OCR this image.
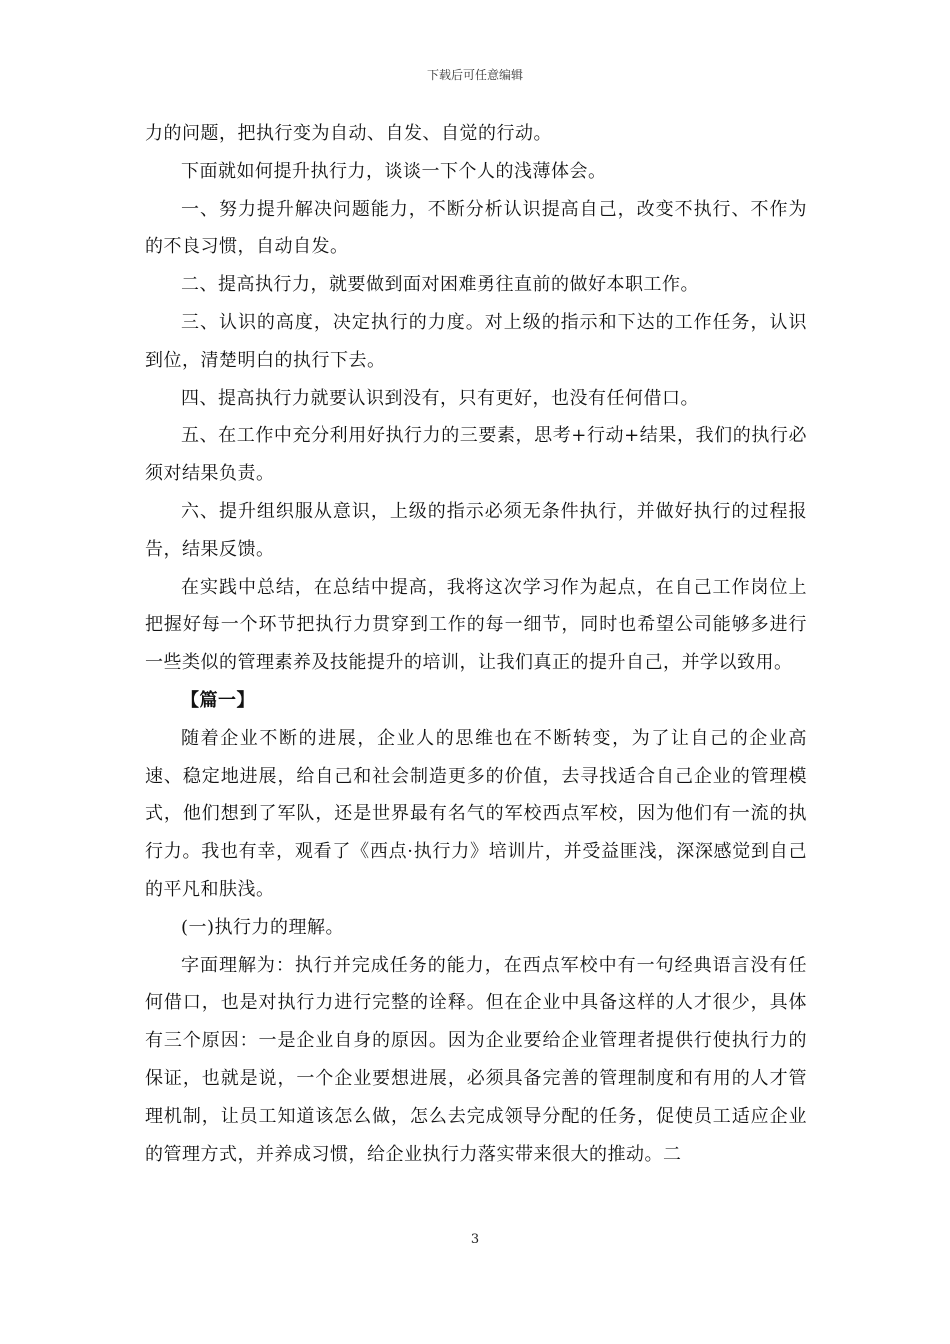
下载后可任意编辑

力的问题，把执行变为自动、自发、自觉的行动。

下面就如何提升执行力，谈谈一下个人的浅薄体会。

一、努力提升解决问题能力，不断分析认识提高自己，改变不执行、不作为的不良习惯，自动自发。

二、提高执行力，就要做到面对困难勇往直前的做好本职工作。

三、认识的高度，决定执行的力度。对上级的指示和下达的工作任务，认识到位，清楚明白的执行下去。

四、提高执行力就要认识到没有，只有更好，也没有任何借口。

五、在工作中充分利用好执行力的三要素，思考+行动+结果，我们的执行必须对结果负责。

六、提升组织服从意识，上级的指示必须无条件执行，并做好执行的过程报告，结果反馈。

在实践中总结，在总结中提高，我将这次学习作为起点，在自己工作岗位上把握好每一个环节把执行力贯穿到工作的每一细节，同时也希望公司能够多进行一些类似的管理素养及技能提升的培训，让我们真正的提升自己，并学以致用。

【篇一】

随着企业不断的进展，企业人的思维也在不断转变，为了让自己的企业高速、稳定地进展，给自己和社会制造更多的价值，去寻找适合自己企业的管理模式，他们想到了军队，还是世界最有名气的军校西点军校，因为他们有一流的执行力。我也有幸，观看了《西点·执行力》培训片，并受益匪浅，深深感觉到自己的平凡和肤浅。

(一)执行力的理解。

字面理解为：执行并完成任务的能力，在西点军校中有一句经典语言没有任何借口，也是对执行力进行完整的诠释。但在企业中具备这样的人才很少，具体有三个原因：一是企业自身的原因。因为企业要给企业管理者提供行使执行力的保证，也就是说，一个企业要想进展，必须具备完善的管理制度和有用的人才管理机制，让员工知道该怎么做，怎么去完成领导分配的任务，促使员工适应企业的管理方式，并养成习惯，给企业执行力落实带来很大的推动。二

3
